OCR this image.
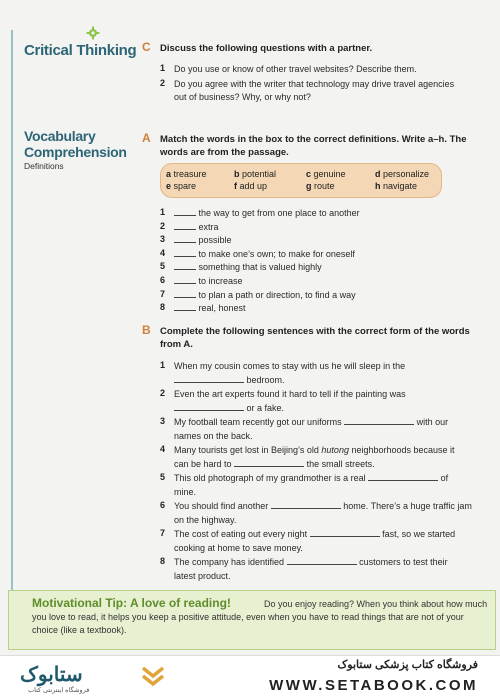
Critical Thinking C Discuss the following questions with a partner.
1 Do you use or know of other travel websites? Describe them.
2 Do you agree with the writer that technology may drive travel agencies
out of business? Why, or why not?
Vocabulary
Comprehension
Definitions
A Match the words in the box to the correct definitions. Write a–h. The
words are from the passage.
a treasure	b potential	c genuine	d personalize
e spare	f add up	g route	h navigate
1	the way to get from one place to another
2	extra
3	possible
4	to make one’s own; to make for oneself
5	something that is valued highly
6	to increase
7	to plan a path or direction, to find a way
8	real, honest
B Complete the following sentences with the correct form of the words
from A.
1 When my cousin comes to stay with us he will sleep in the
bedroom.
2 Even the art experts found it hard to tell if the painting was
or a fake.
3 My football team recently got our uniforms	with our
names on the back.
4 Many tourists get lost in Beijing’s old hutong neighborhoods because it
can be hard to	the small streets.
5 This old photograph of my grandmother is a real	of
mine.
6 You should find another	home. There’s a huge traffic jam
on the highway.
7 The cost of eating out every night	fast, so we started
cooking at home to save money.
8 The company has identified	customers to test their
latest product.
Motivational Tip: A love of reading!	Do you enjoy reading? When you think about how much
you love to read, it helps you keep a positive attitude, even when you have to read things that are not of your
choice (like a textbook).
ستابوک
فروشگاه اینترنتی کتاب
فروشگاه کتاب پزشکی ستابوک
WWW.SETABOOK.COM
